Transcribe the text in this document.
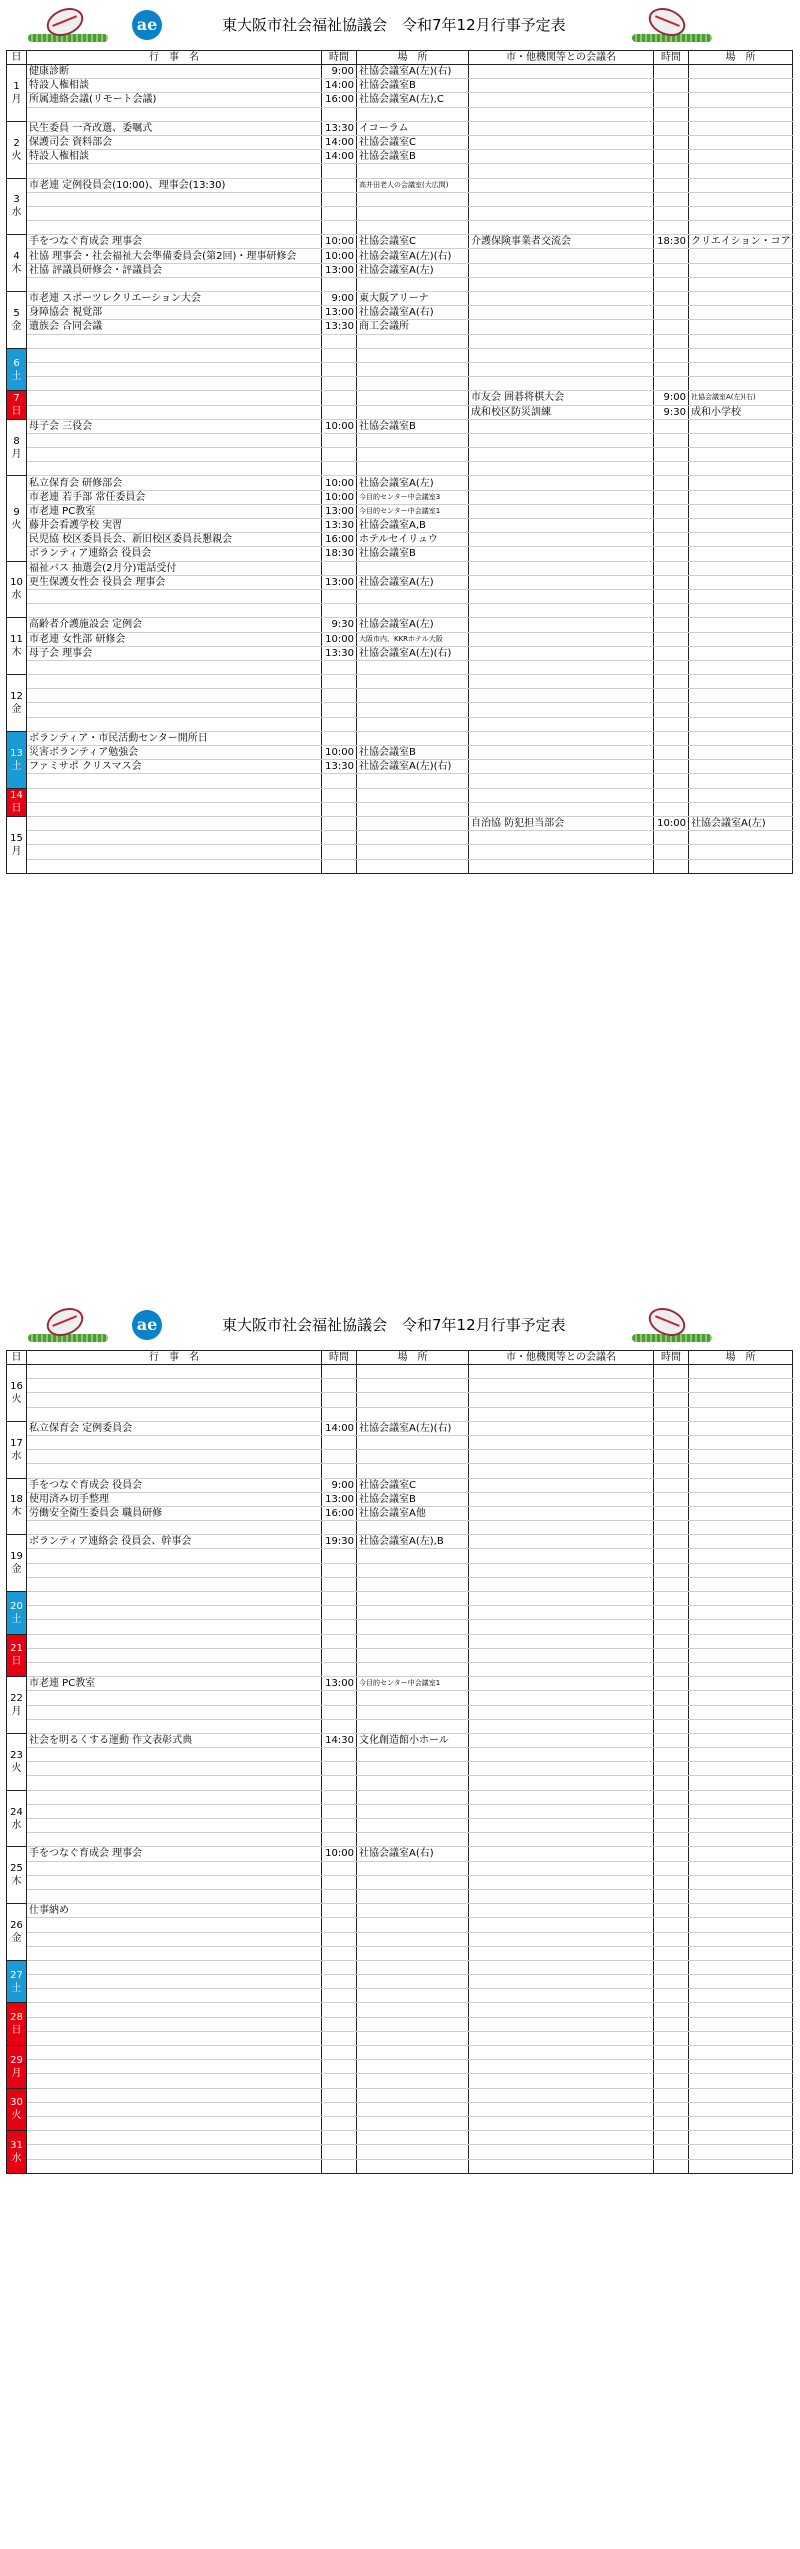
ae	東大阪市社会福祉協議会　令和7年12月行事予定表
日	行　事　名	時間	場　所	市・他機関等との会議名	時間	場　所

1
月	健康診断	9:00	社協会議室A(左)(右)			
	特設人権相談	14:00	社協会議室B			
	所属連絡会議(リモート会議)	16:00	社協会議室A(左),C			

2
火	民生委員 一斉改選、委嘱式	13:30	イコーラム			
	保護司会 資料部会	14:00	社協会議室C			
	特設人権相談	14:00	社協会議室B			

3
水	市老連 定例役員会(10:00)、理事会(13:30)		高井田老人の会議室(大広間)			

4
木	手をつなぐ育成会 理事会	10:00	社協会議室C	介護保険事業者交流会	18:30	クリエイション・コア
	社協 理事会・社会福祉大会準備委員会(第2回)・理事研修会	10:00	社協会議室A(左)(右)			
	社協 評議員研修会・評議員会	13:00	社協会議室A(左)			

5
金	市老連 スポーツレクリエーション大会	9:00	東大阪アリーナ			
	身障協会 視覚部	13:00	社協会議室A(右)			
	遺族会 合同会議	13:30	商工会議所			

6
土						

7
日				市友会 囲碁将棋大会	9:00	社協会議室A(左)(右)
				成和校区防災訓練	9:30	成和小学校

8
月	母子会 三役会	10:00	社協会議室B			

9
火	私立保育会 研修部会	10:00	社協会議室A(左)			
	市老連 若手部 常任委員会	10:00	今目的センター中会議室3			
	市老連 PC教室	13:00	今目的センター中会議室1			
	藤井会看護学校 実習	13:30	社協会議室A,B			
	民児協 校区委員長会、新旧校区委員長懇親会	16:00	ホテルセイリュウ			
	ボランティア連絡会 役員会	18:30	社協会議室B			

10
水	福祉バス 抽選会(2月分)電話受付					
	更生保護女性会 役員会 理事会	13:00	社協会議室A(左)			

11
木	高齢者介護施設会 定例会	9:30	社協会議室A(左)			
	市老連 女性部 研修会	10:00	大阪市内、KKRホテル大阪			
	母子会 理事会	13:30	社協会議室A(左)(右)			

12
金						

13
土	ボランティア・市民活動センター開所日					
	災害ボランティア勉強会	10:00	社協会議室B			
	ファミサポ クリスマス会	13:30	社協会議室A(左)(右)			

14
日						

15
月				自治協 防犯担当部会	10:00	社協会議室A(左)

ae	東大阪市社会福祉協議会　令和7年12月行事予定表
日	行　事　名	時間	場　所	市・他機関等との会議名	時間	場　所

16
火						

17
水	私立保育会 定例委員会	14:00	社協会議室A(左)(右)			

18
木	手をつなぐ育成会 役員会	9:00	社協会議室C			
	使用済み切手整理	13:00	社協会議室B			
	労働安全衛生委員会 職員研修	16:00	社協会議室A他			

19
金	ボランティア連絡会 役員会、幹事会	19:30	社協会議室A(左),B			

20
土						

21
日						

22
月	市老連 PC教室	13:00	今目的センター中会議室1			

23
火	社会を明るくする運動 作文表彰式典	14:30	文化創造館小ホール			

24
水						

25
木	手をつなぐ育成会 理事会	10:00	社協会議室A(右)			

26
金	仕事納め					

27
土						

28
日						

29
月						

30
火						

31
水						
